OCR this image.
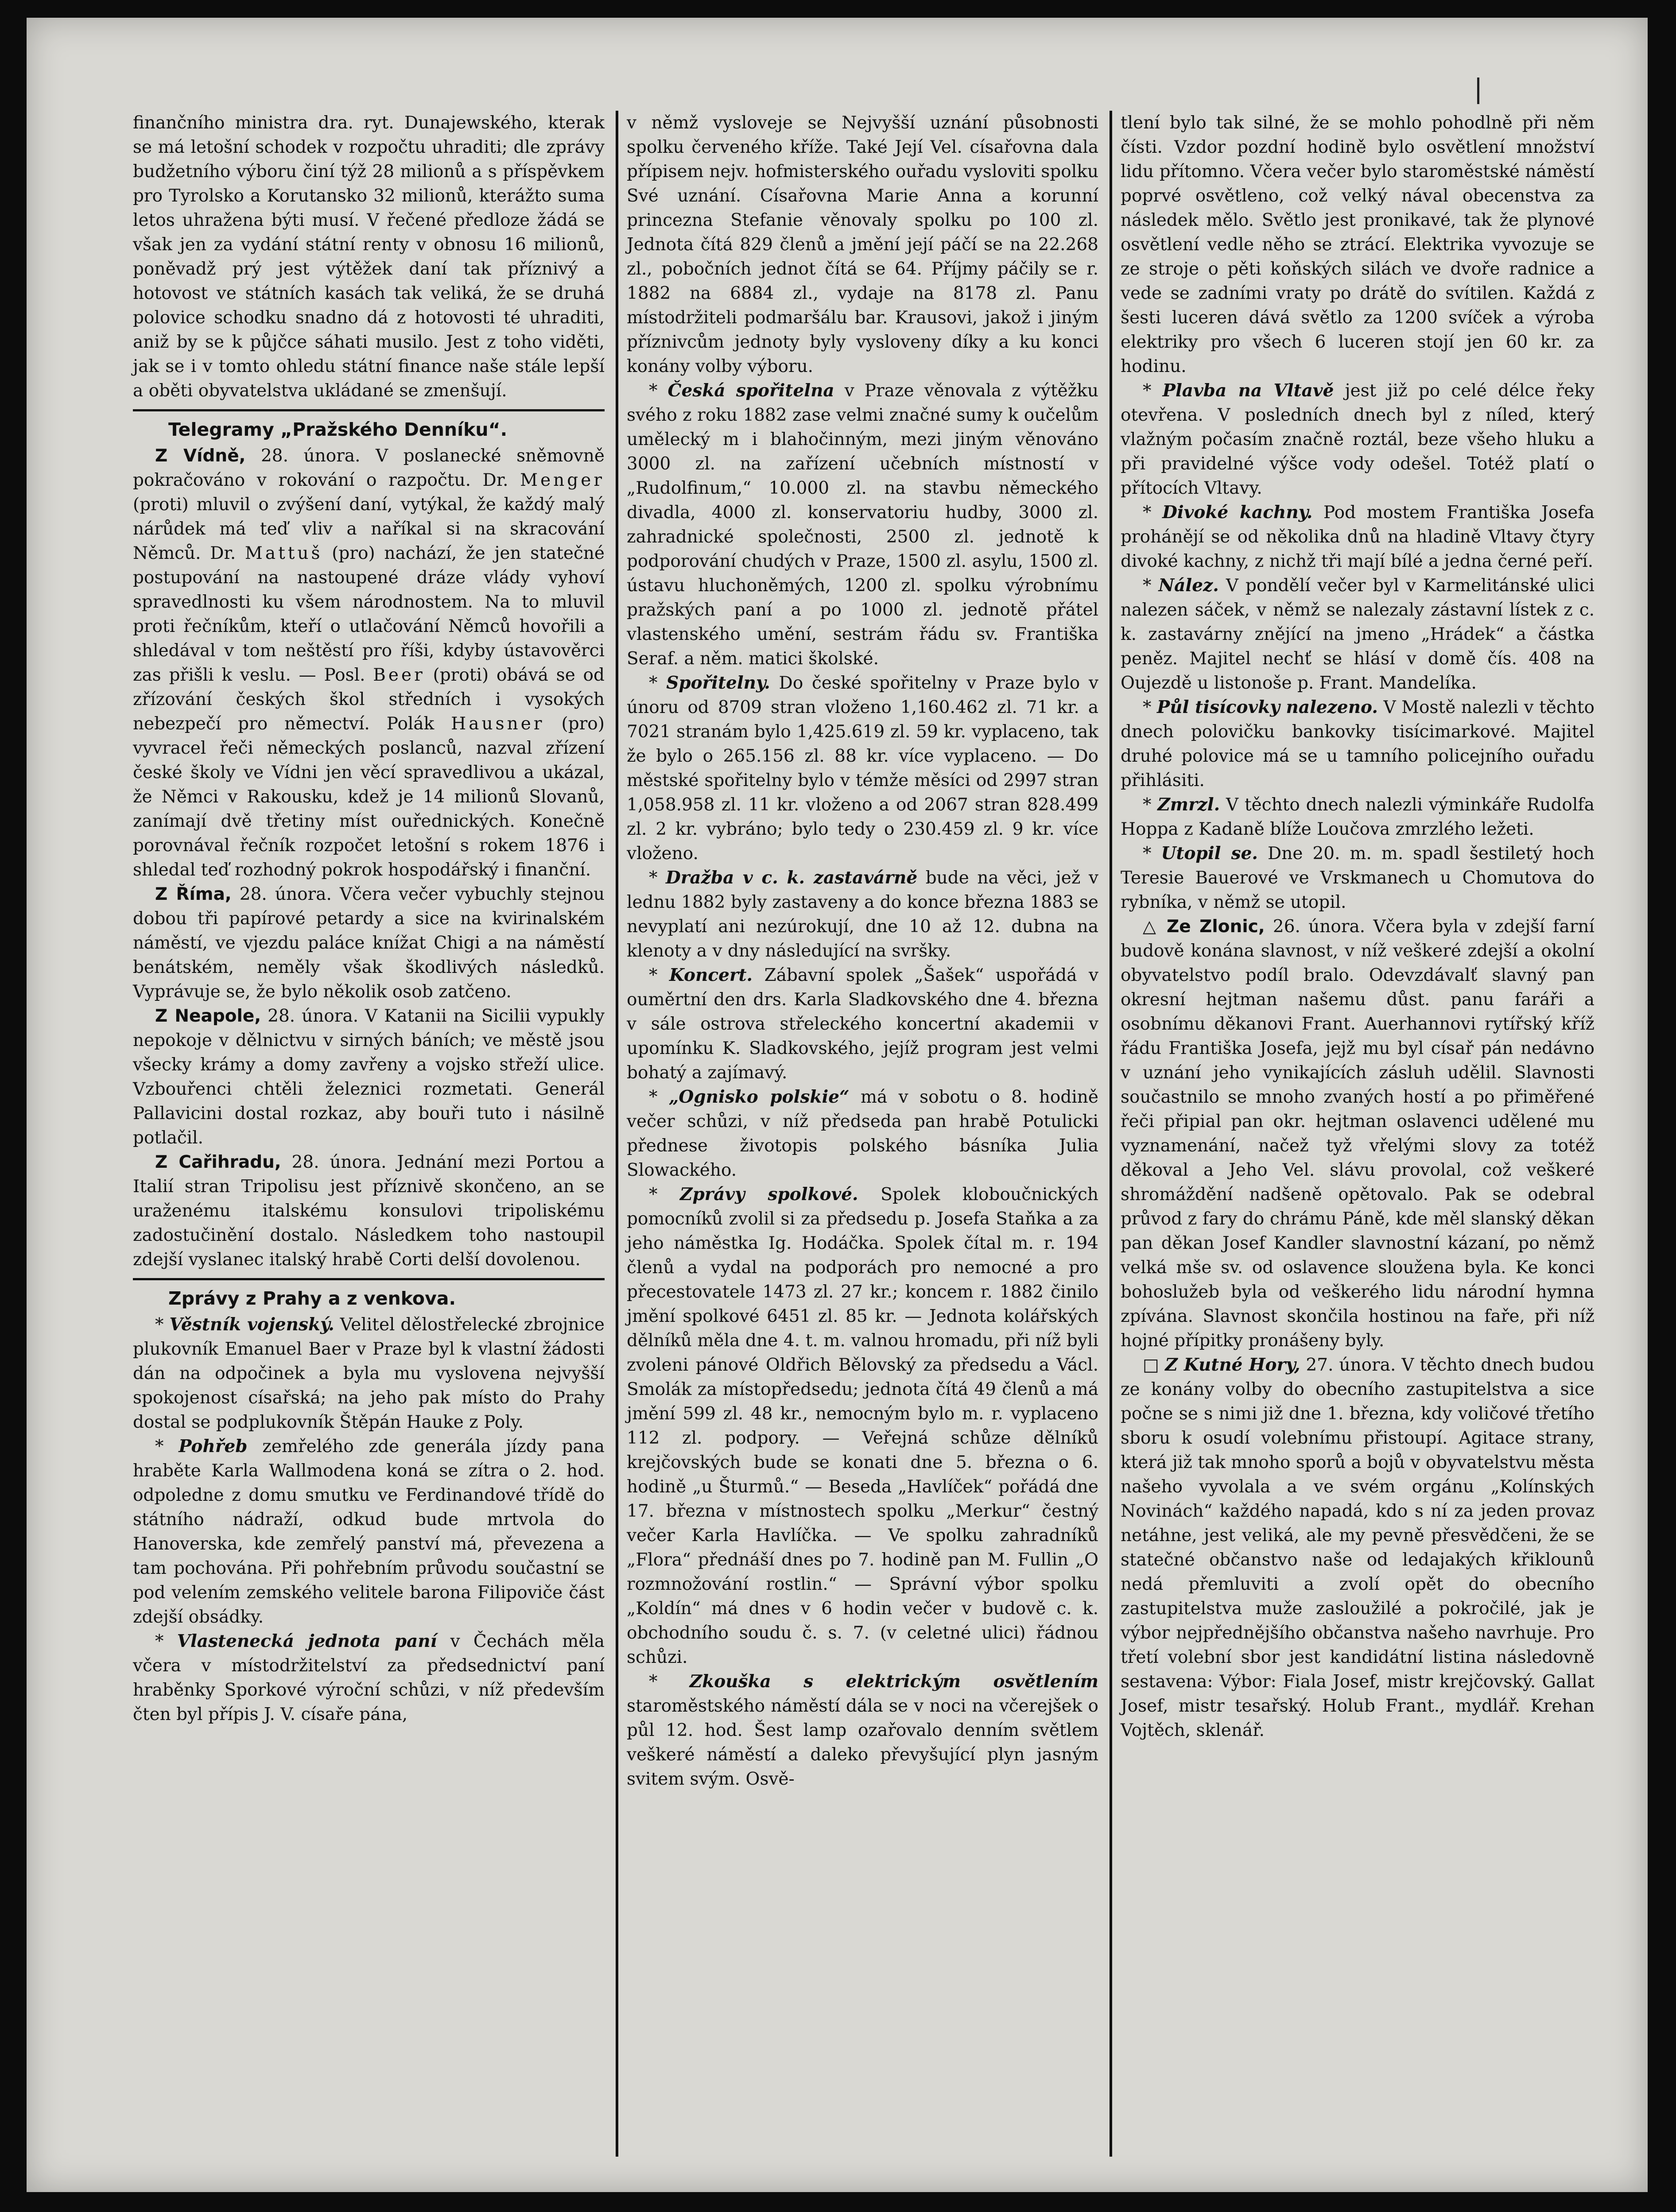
finančního ministra dra. ryt. Dunajewského, kterak se má letošní schodek v rozpočtu uhraditi; dle zprávy budžetního výboru činí týž 28 milionů a s příspěvkem pro Tyrolsko a Korutansko 32 milionů, kterážto suma letos uhražena býti musí. V řečené předloze žádá se však jen za vydání státní renty v obnosu 16 milionů, poněvadž prý jest výtěžek daní tak příznivý a hotovost ve státních kasách tak veliká, že se druhá polovice schodku snadno dá z hotovosti té uhraditi, aniž by se k půjčce sáhati musilo. Jest z toho viděti, jak se i v tomto ohledu státní finance naše stále lepší a oběti obyvatelstva ukládané se zmenšují.

Telegramy „Pražského Denníku“.

Z Vídně, 28. února. V poslanecké sněmovně pokračováno v rokování o razpočtu. Dr. Menger (proti) mluvil o zvýšení daní, vytýkal, že každý malý nárůdek má teď vliv a naříkal si na skracování Němců. Dr. Mattuš (pro) nachází, že jen statečné postupování na nastoupené dráze vlády vyhoví spravedlnosti ku všem národnostem. Na to mluvil proti řečníkům, kteří o utlačování Němců hovořili a shledával v tom neštěstí pro říši, kdyby ústavověrci zas přišli k veslu. — Posl. Beer (proti) obává se od zřízování českých škol středních i vysokých nebezpečí pro němectví. Polák Hausner (pro) vyvracel řeči německých poslanců, nazval zřízení české školy ve Vídni jen věcí spravedlivou a ukázal, že Němci v Rakousku, kdež je 14 milionů Slovanů, zanímají dvě třetiny míst ouřednických. Konečně porovnával řečník rozpočet letošní s rokem 1876 i shledal teď rozhodný pokrok hospodářský i finanční.

Z Říma, 28. února. Včera večer vybuchly stejnou dobou tři papírové petardy a sice na kvirinalském náměstí, ve vjezdu paláce knížat Chigi a na náměstí benátském, neměly však škodlivých následků. Vyprávuje se, že bylo několik osob zatčeno.

Z Neapole, 28. února. V Katanii na Sicilii vypukly nepokoje v dělnictvu v sirných báních; ve městě jsou všecky krámy a domy zavřeny a vojsko střeží ulice. Vzbouřenci chtěli železnici rozmetati. Generál Pallavicini dostal rozkaz, aby bouři tuto i násilně potlačil.

Z Cařihradu, 28. února. Jednání mezi Portou a Italií stran Tripolisu jest příznivě skončeno, an se uraženému italskému konsulovi tripoliskému zadostučinění dostalo. Následkem toho nastoupil zdejší vyslanec italský hrabě Corti delší dovolenou.

Zprávy z Prahy a z venkova.

* Věstník vojenský. Velitel dělostřelecké zbrojnice plukovník Emanuel Baer v Praze byl k vlastní žádosti dán na odpočinek a byla mu vyslovena nejvyšší spokojenost císařská; na jeho pak místo do Prahy dostal se podplukovník Štěpán Hauke z Poly.

* Pohřeb zemřelého zde generála jízdy pana hraběte Karla Wallmodena koná se zítra o 2. hod. odpoledne z domu smutku ve Ferdinandové třídě do státního nádraží, odkud bude mrtvola do Hanoverska, kde zemřelý panství má, převezena a tam pochována. Při pohřebním průvodu součastní se pod velením zemského velitele barona Filipoviče část zdejší obsádky.

* Vlastenecká jednota paní v Čechách měla včera v místodržitelství za předsednictví paní hraběnky Sporkové výroční schůzi, v níž především čten byl přípis J. V. císaře pána,

v němž vysloveje se Nejvyšší uznání působnosti spolku červeného kříže. Také Její Vel. císařovna dala přípisem nejv. hofmisterského ouřadu vysloviti spolku Své uznání. Císařovna Marie Anna a korunní princezna Stefanie věnovaly spolku po 100 zl. Jednota čítá 829 členů a jmění její páčí se na 22.268 zl., pobočních jednot čítá se 64. Příjmy páčily se r. 1882 na 6884 zl., vydaje na 8178 zl. Panu místodržiteli podmaršálu bar. Krausovi, jakož i jiným příznivcům jednoty byly vysloveny díky a ku konci konány volby výboru.

* Česká spořitelna v Praze věnovala z výtěžku svého z roku 1882 zase velmi značné sumy k oučelům umělecký m i blahočinným, mezi jiným věnováno 3000 zl. na zařízení učebních místností v „Rudolfinum,“ 10.000 zl. na stavbu německého divadla, 4000 zl. konservatoriu hudby, 3000 zl. zahradnické společnosti, 2500 zl. jednotě k podporování chudých v Praze, 1500 zl. asylu, 1500 zl. ústavu hluchoněmých, 1200 zl. spolku výrobnímu pražských paní a po 1000 zl. jednotě přátel vlastenského umění, sestrám řádu sv. Františka Seraf. a něm. matici školské.

* Spořitelny. Do české spořitelny v Praze bylo v únoru od 8709 stran vloženo 1,160.462 zl. 71 kr. a 7021 stranám bylo 1,425.619 zl. 59 kr. vyplaceno, tak že bylo o 265.156 zl. 88 kr. více vyplaceno. — Do městské spořitelny bylo v témže měsíci od 2997 stran 1,058.958 zl. 11 kr. vloženo a od 2067 stran 828.499 zl. 2 kr. vybráno; bylo tedy o 230.459 zl. 9 kr. více vloženo.

* Dražba v c. k. zastavárně bude na věci, jež v lednu 1882 byly zastaveny a do konce března 1883 se nevyplatí ani nezúrokují, dne 10 až 12. dubna na klenoty a v dny následující na svršky.

* Koncert. Zábavní spolek „Šašek“ uspořádá v ouměrtní den drs. Karla Sladkovského dne 4. března v sále ostrova střeleckého koncertní akademii v upomínku K. Sladkovského, jejíž program jest velmi bohatý a zajímavý.

* „Ognisko polskie“ má v sobotu o 8. hodině večer schůzi, v níž předseda pan hrabě Potulicki přednese životopis polského básníka Julia Slowackého.

* Zprávy spolkové. Spolek kloboučnických pomocníků zvolil si za předsedu p. Josefa Staňka a za jeho náměstka Ig. Hodáčka. Spolek čítal m. r. 194 členů a vydal na podporách pro nemocné a pro přecestovatele 1473 zl. 27 kr.; koncem r. 1882 činilo jmění spolkové 6451 zl. 85 kr. — Jednota kolářských dělníků měla dne 4. t. m. valnou hromadu, při níž byli zvoleni pánové Oldřich Bělovský za předsedu a Václ. Smolák za místopředsedu; jednota čítá 49 členů a má jmění 599 zl. 48 kr., nemocným bylo m. r. vyplaceno 112 zl. podpory. — Veřejná schůze dělníků krejčovských bude se konati dne 5. března o 6. hodině „u Šturmů.“ — Beseda „Havlíček“ pořádá dne 17. března v místnostech spolku „Merkur“ čestný večer Karla Havlíčka. — Ve spolku zahradníků „Flora“ přednáší dnes po 7. hodině pan M. Fullin „O rozmnožování rostlin.“ — Správní výbor spolku „Koldín“ má dnes v 6 hodin večer v budově c. k. obchodního soudu č. s. 7. (v celetné ulici) řádnou schůzi.

* Zkouška s elektrickým osvětlením staroměstského náměstí dála se v noci na včerejšek o půl 12. hod. Šest lamp ozařovalo denním světlem veškeré náměstí a daleko převyšující plyn jasným svitem svým. Osvě-

tlení bylo tak silné, že se mohlo pohodlně při něm čísti. Vzdor pozdní hodině bylo osvětlení množství lidu přítomno. Včera večer bylo staroměstské náměstí poprvé osvětleno, což velký nával obecenstva za následek mělo. Světlo jest pronikavé, tak že plynové osvětlení vedle něho se ztrácí. Elektrika vyvozuje se ze stroje o pěti koňských silách ve dvoře radnice a vede se zadními vraty po drátě do svítilen. Každá z šesti luceren dává světlo za 1200 svíček a výroba elektriky pro všech 6 luceren stojí jen 60 kr. za hodinu.

* Plavba na Vltavě jest již po celé délce řeky otevřena. V posledních dnech byl z níled, který vlažným počasím značně roztál, beze všeho hluku a při pravidelné výšce vody odešel. Totéž platí o přítocích Vltavy.

* Divoké kachny. Pod mostem Františka Josefa prohánějí se od několika dnů na hladině Vltavy čtyry divoké kachny, z nichž tři mají bílé a jedna černé peří.

* Nález. V pondělí večer byl v Karmelitánské ulici nalezen sáček, v němž se nalezaly zástavní lístek z c. k. zastavárny znějící na jmeno „Hrádek“ a částka peněz. Majitel nechť se hlásí v domě čís. 408 na Oujezdě u listonoše p. Frant. Mandelíka.

* Půl tisícovky nalezeno. V Mostě nalezli v těchto dnech polovičku bankovky tisícimarkové. Majitel druhé polovice má se u tamního policejního ouřadu přihlásiti.

* Zmrzl. V těchto dnech nalezli výminkáře Rudolfa Hoppa z Kadaně blíže Loučova zmrzlého ležeti.

* Utopil se. Dne 20. m. m. spadl šestiletý hoch Teresie Bauerové ve Vrskmanech u Chomutova do rybníka, v němž se utopil.

△ Ze Zlonic, 26. února. Včera byla v zdejší farní budově konána slavnost, v níž veškeré zdejší a okolní obyvatelstvo podíl bralo. Odevzdávalť slavný pan okresní hejtman našemu důst. panu faráři a osobnímu děkanovi Frant. Auerhannovi rytířský kříž řádu Františka Josefa, jejž mu byl císař pán nedávno v uznání jeho vynikajících zásluh udělil. Slavnosti součastnilo se mnoho zvaných hostí a po přiměřené řeči připial pan okr. hejtman oslavenci udělené mu vyznamenání, načež tyž vřelými slovy za totéž děkoval a Jeho Vel. slávu provolal, což veškeré shromáždění nadšeně opětovalo. Pak se odebral průvod z fary do chrámu Páně, kde měl slanský děkan pan děkan Josef Kandler slavnostní kázaní, po němž velká mše sv. od oslavence sloužena byla. Ke konci bohoslužeb byla od veškerého lidu národní hymna zpívána. Slavnost skončila hostinou na faře, při níž hojné přípitky pronášeny byly.

□ Z Kutné Hory, 27. února. V těchto dnech budou ze konány volby do obecního zastupitelstva a sice počne se s nimi již dne 1. března, kdy voličové třetího sboru k osudí volebnímu přistoupí. Agitace strany, která již tak mnoho sporů a bojů v obyvatelstvu města našeho vyvolala a ve svém orgánu „Kolínských Novinách“ každého napadá, kdo s ní za jeden provaz netáhne, jest veliká, ale my pevně přesvědčeni, že se statečné občanstvo naše od ledajakých křiklounů nedá přemluviti a zvolí opět do obecního zastupitelstva muže zasloužilé a pokročilé, jak je výbor nejpřednějšího občanstva našeho navrhuje. Pro třetí volební sbor jest kandidátní listina následovně sestavena: Výbor: Fiala Josef, mistr krejčovský. Gallat Josef, mistr tesařský. Holub Frant., mydlář. Krehan Vojtěch, sklenář.
